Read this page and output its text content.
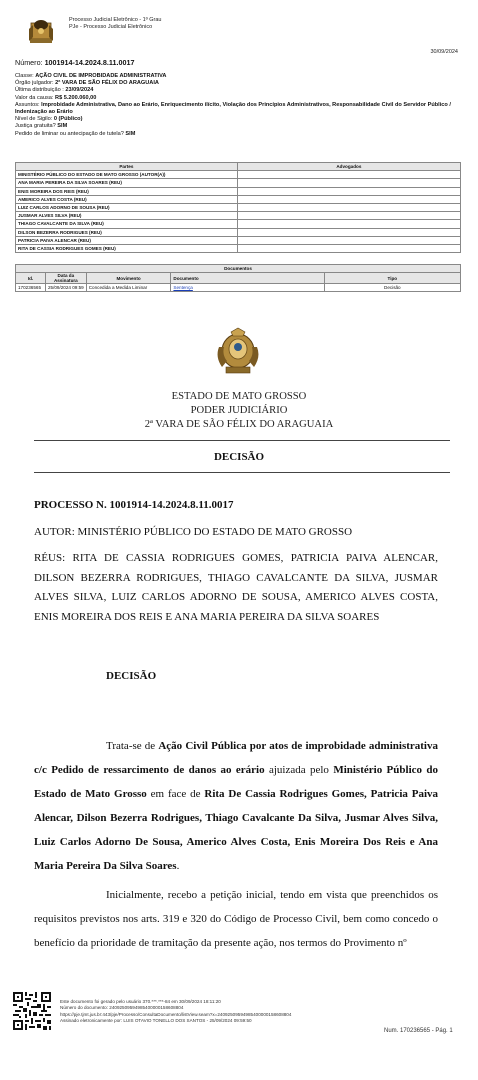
Processo Judicial Eletrônico - 1º Grau
PJe - Processo Judicial Eletrônico
30/09/2024
Número: 1001914-14.2024.8.11.0017
Classe: AÇÃO CIVIL DE IMPROBIDADE ADMINISTRATIVA
Órgão julgador: 2ª VARA DE SÃO FÉLIX DO ARAGUAIA
Última distribuição : 23/09/2024
Valor da causa: R$ 5.200.060,00
Assuntos: Improbidade Administrativa, Dano ao Erário, Enriquecimento ilícito, Violação dos Princípios Administrativos, Responsabilidade Civil do Servidor Público / Indenização ao Erário
Nível de Sigilo: 0 (Público)
Justiça gratuita? SIM
Pedido de liminar ou antecipação de tutela? SIM
Partes	Advogados
MINISTÉRIO PÚBLICO DO ESTADO DE MATO GROSSO (AUTOR(A))	
ANA MARIA PEREIRA DA SILVA SOARES (REU)	
ENIS MOREIRA DOS REIS (REU)	
AMERICO ALVES COSTA (REU)	
LUIZ CARLOS ADORNO DE SOUSA (REU)	
JUSMAR ALVES SILVA (REU)	
THIAGO CAVALCANTE DA SILVA (REU)	
DILSON BEZERRA RODRIGUES (REU)	
PATRICIA PAIVA ALENCAR (REU)	
RITA DE CASSIA RODRIGUES GOMES (REU)	
Documentos				
Id.	Data da Assinatura	Movimento	Documento	Tipo
170236565	25/09/2024 09:59	Concedida a Medida Liminar	Sentença	Decisão
ESTADO DE MATO GROSSO
PODER JUDICIÁRIO
2ª VARA DE SÃO FÉLIX DO ARAGUAIA
DECISÃO
PROCESSO N. 1001914-14.2024.8.11.0017
AUTOR: MINISTÉRIO PÚBLICO DO ESTADO DE MATO GROSSO
RÉUS: RITA DE CASSIA RODRIGUES GOMES, PATRICIA PAIVA ALENCAR, DILSON BEZERRA RODRIGUES, THIAGO CAVALCANTE DA SILVA, JUSMAR ALVES SILVA, LUIZ CARLOS ADORNO DE SOUSA, AMERICO ALVES COSTA, ENIS MOREIRA DOS REIS E ANA MARIA PEREIRA DA SILVA SOARES
DECISÃO
Trata-se de Ação Civil Pública por atos de improbidade administrativa c/c Pedido de ressarcimento de danos ao erário ajuizada pelo Ministério Público do Estado de Mato Grosso em face de Rita De Cassia Rodrigues Gomes, Patricia Paiva Alencar, Dilson Bezerra Rodrigues, Thiago Cavalcante Da Silva, Jusmar Alves Silva, Luiz Carlos Adorno De Sousa, Americo Alves Costa, Enis Moreira Dos Reis e Ana Maria Pereira Da Silva Soares.
Inicialmente, recebo a petição inicial, tendo em vista que preenchidos os requisitos previstos nos arts. 319 e 320 do Código de Processo Civil, bem como concedo o benefício da prioridade de tramitação da presente ação, nos termos do Provimento nº
Este documento foi gerado pelo usuário 370.***.***-84 em 30/09/2024 18:11:20
Número do documento: 24092509594985400000158608804
https://pje.tjmt.jus.br:443/pje/Processo/ConsultaDocumento/listView.seam?x=24092509594985400000158608804
Assinado eletronicamente por: LUIS OTAVIO TONELLO DOS SANTOS - 25/09/2024 09:59:50
Num. 170236565 - Pág. 1
